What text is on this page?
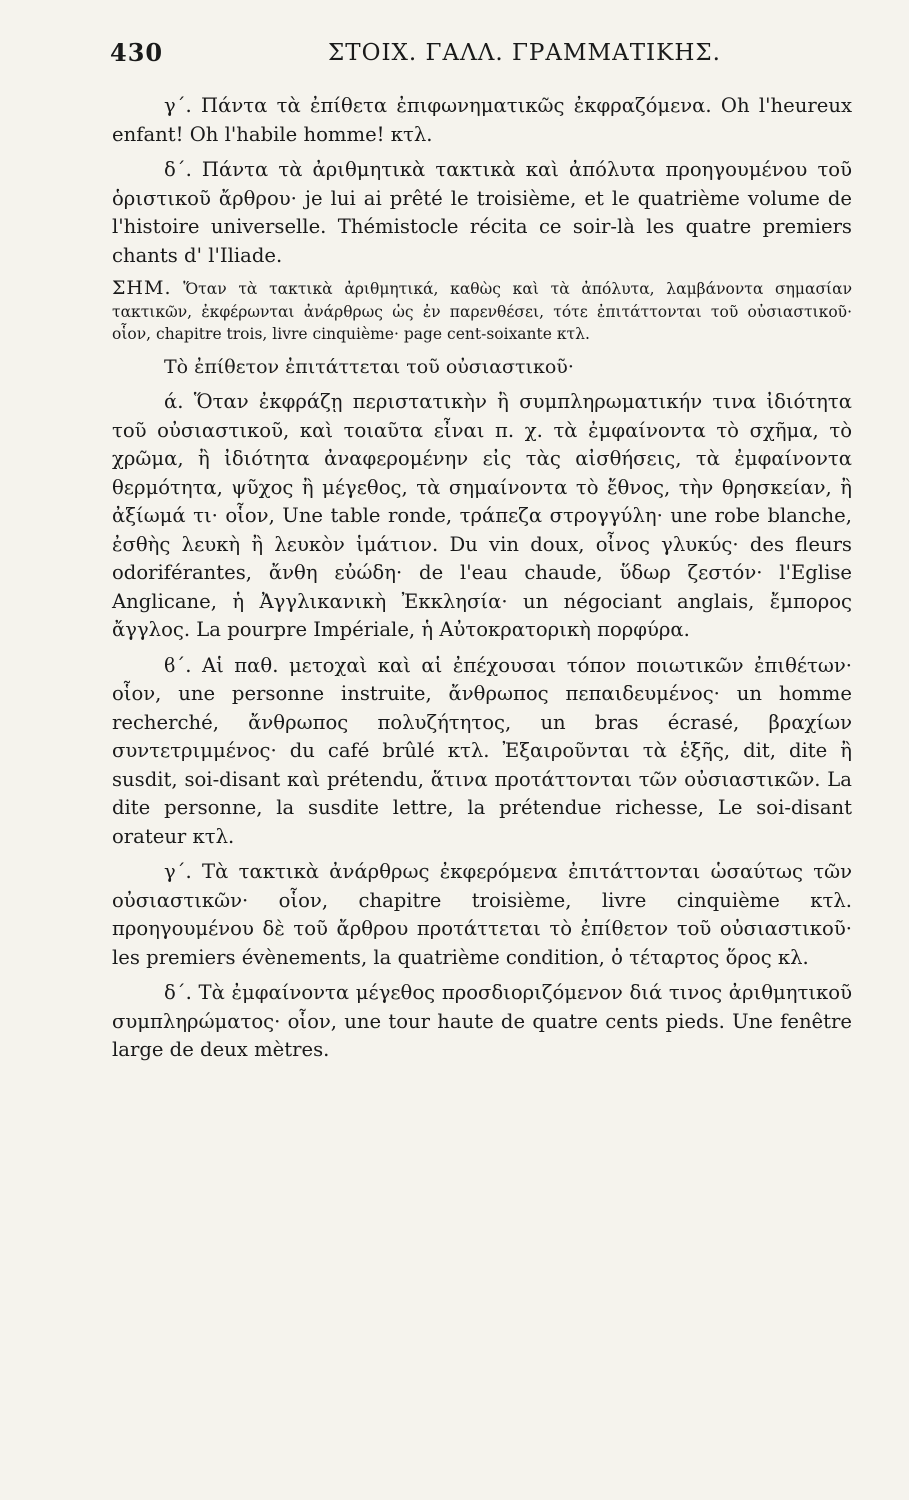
430	ΣΤΟΙΧ. ΓΑΛΛ. ΓΡΑΜΜΑΤΙΚΗΣ.

γ΄. Πάντα τὰ ἐπίθετα ἐπιφωνηματικῶς ἐκφραζόμενα. Oh l'heureux enfant! Oh l'habile homme! κτλ.

δ΄. Πάντα τὰ ἀριθμητικὰ τακτικὰ καὶ ἀπόλυτα προηγουμένου τοῦ ὁριστικοῦ ἄρθρου· je lui ai prêté le troisième, et le quatrième volume de l'histoire universelle. Thémistocle récita ce soir-là les quatre premiers chants d' l'Iliade.

ΣΗΜ. Ὅταν τὰ τακτικὰ ἀριθμητικά, καθὼς καὶ τὰ ἀπόλυτα, λαμβάνοντα σημασίαν τακτικῶν, ἐκφέρωνται ἀνάρθρως ὡς ἐν παρενθέσει, τότε ἐπιτάττονται τοῦ οὐσιαστικοῦ· οἷον, chapitre trois, livre cinquième· page cent-soixante κτλ.

Τὸ ἐπίθετον ἐπιτάττεται τοῦ οὐσιαστικοῦ·

ά. Ὅταν ἐκφράζῃ περιστατικὴν ἢ συμπληρωματικήν τινα ἰδιότητα τοῦ οὐσιαστικοῦ, καὶ τοιαῦτα εἶναι π. χ. τὰ ἐμφαίνοντα τὸ σχῆμα, τὸ χρῶμα, ἢ ἰδιότητα ἀναφερομένην εἰς τὰς αἰσθήσεις, τὰ ἐμφαίνοντα θερμότητα, ψῦχος ἢ μέγεθος, τὰ σημαίνοντα τὸ ἔθνος, τὴν θρησκείαν, ἢ ἀξίωμά τι· οἷον, Une table ronde, τράπεζα στρογγύλη· une robe blanche, ἐσθὴς λευκὴ ἢ λευκὸν ἱμάτιον. Du vin doux, οἶνος γλυκύς· des fleurs odoriférantes, ἄνθη εὐώδη· de l'eau chaude, ὕδωρ ζεστόν· l'Eglise Anglicane, ἡ Ἀγγλικανικὴ Ἐκκλησία· un négociant anglais, ἔμπορος ἄγγλος. La pourpre Impériale, ἡ Αὐτοκρατορικὴ πορφύρα.

ϐ΄. Αἱ παθ. μετοχαὶ καὶ αἱ ἐπέχουσαι τόπον ποιωτικῶν ἐπιθέτων· οἷον, une personne instruite, ἄνθρωπος πεπαιδευμένος· un homme recherché, ἄνθρωπος πολυζήτητος, un bras écrasé, βραχίων συντετριμμένος· du café brûlé κτλ. Ἐξαιροῦνται τὰ ἑξῆς, dit, dite ἢ susdit, soi-disant καὶ prétendu, ἅτινα προτάττονται τῶν οὐσιαστικῶν. La dite personne, la susdite lettre, la prétendue richesse, Le soi-disant orateur κτλ.

γ΄. Τὰ τακτικὰ ἀνάρθρως ἐκφερόμενα ἐπιτάττονται ὡσαύτως τῶν οὐσιαστικῶν· οἷον, chapitre troisième, livre cinquième κτλ. προηγουμένου δὲ τοῦ ἄρθρου προτάττεται τὸ ἐπίθετον τοῦ οὐσιαστικοῦ· les premiers évènements, la quatrième condition, ὁ τέταρτος ὅρος κλ.

δ΄. Τὰ ἐμφαίνοντα μέγεθος προσδιοριζόμενον διά τινος ἀριθμητικοῦ συμπληρώματος· οἷον, une tour haute de quatre cents pieds. Une fenêtre large de deux mètres.
